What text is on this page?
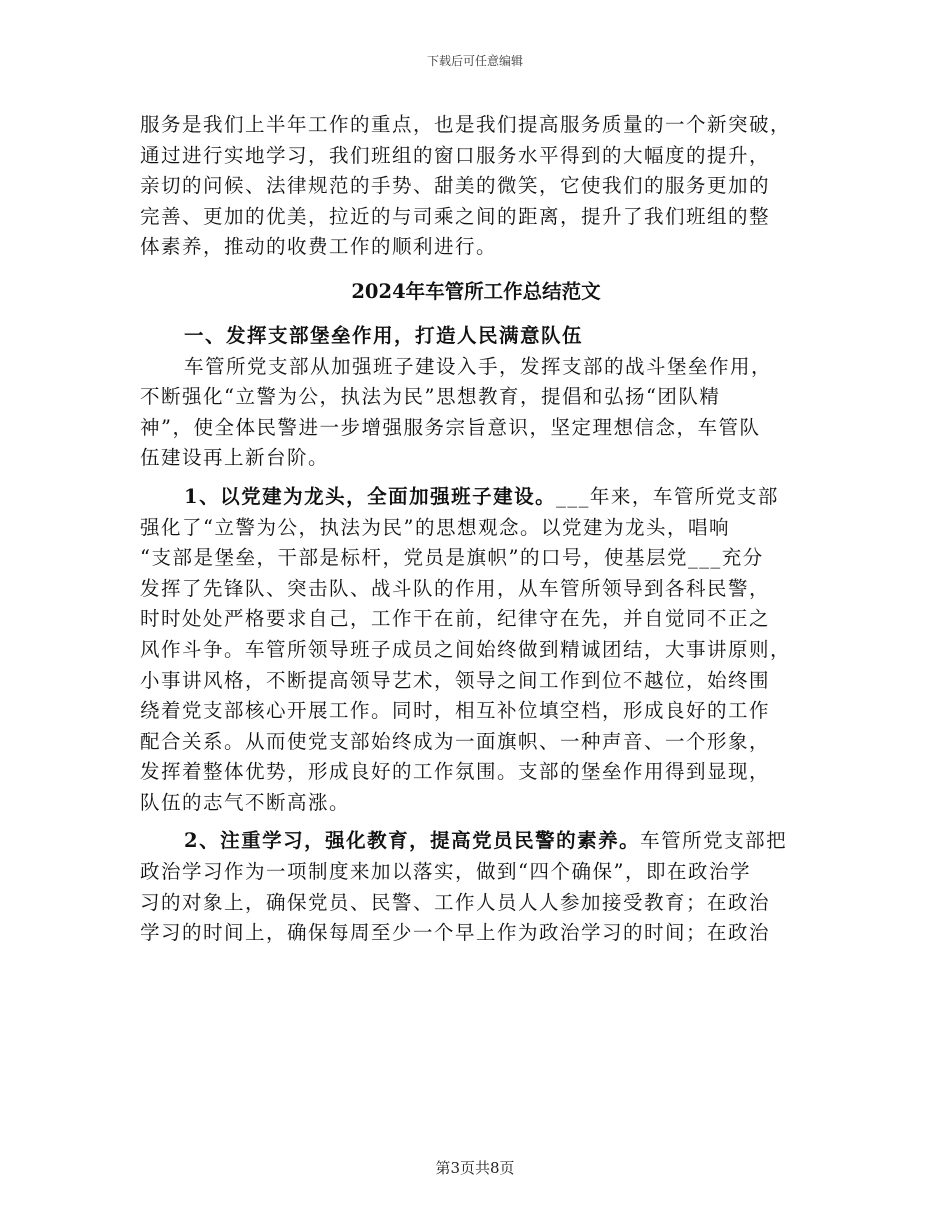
下载后可任意编辑
服务是我们上半年工作的重点，也是我们提高服务质量的一个新突破，
通过进行实地学习，我们班组的窗口服务水平得到的大幅度的提升，
亲切的问候、法律规范的手势、甜美的微笑，它使我们的服务更加的
完善、更加的优美，拉近的与司乘之间的距离，提升了我们班组的整
体素养，推动的收费工作的顺利进行。
2024年车管所工作总结范文
一、发挥支部堡垒作用，打造人民满意队伍
车管所党支部从加强班子建设入手，发挥支部的战斗堡垒作用，
不断强化“立警为公，执法为民”思想教育，提倡和弘扬“团队精
神”，使全体民警进一步增强服务宗旨意识，坚定理想信念，车管队
伍建设再上新台阶。
1、以党建为龙头，全面加强班子建设。___年来，车管所党支部
强化了“立警为公，执法为民”的思想观念。以党建为龙头，唱响
“支部是堡垒，干部是标杆，党员是旗帜”的口号，使基层党___充分
发挥了先锋队、突击队、战斗队的作用，从车管所领导到各科民警，
时时处处严格要求自己，工作干在前，纪律守在先，并自觉同不正之
风作斗争。车管所领导班子成员之间始终做到精诚团结，大事讲原则，
小事讲风格，不断提高领导艺术，领导之间工作到位不越位，始终围
绕着党支部核心开展工作。同时，相互补位填空档，形成良好的工作
配合关系。从而使党支部始终成为一面旗帜、一种声音、一个形象，
发挥着整体优势，形成良好的工作氛围。支部的堡垒作用得到显现，
队伍的志气不断高涨。
2、注重学习，强化教育，提高党员民警的素养。车管所党支部把
政治学习作为一项制度来加以落实，做到“四个确保”，即在政治学
习的对象上，确保党员、民警、工作人员人人参加接受教育；在政治
学习的时间上，确保每周至少一个早上作为政治学习的时间；在政治
第3页共8页
